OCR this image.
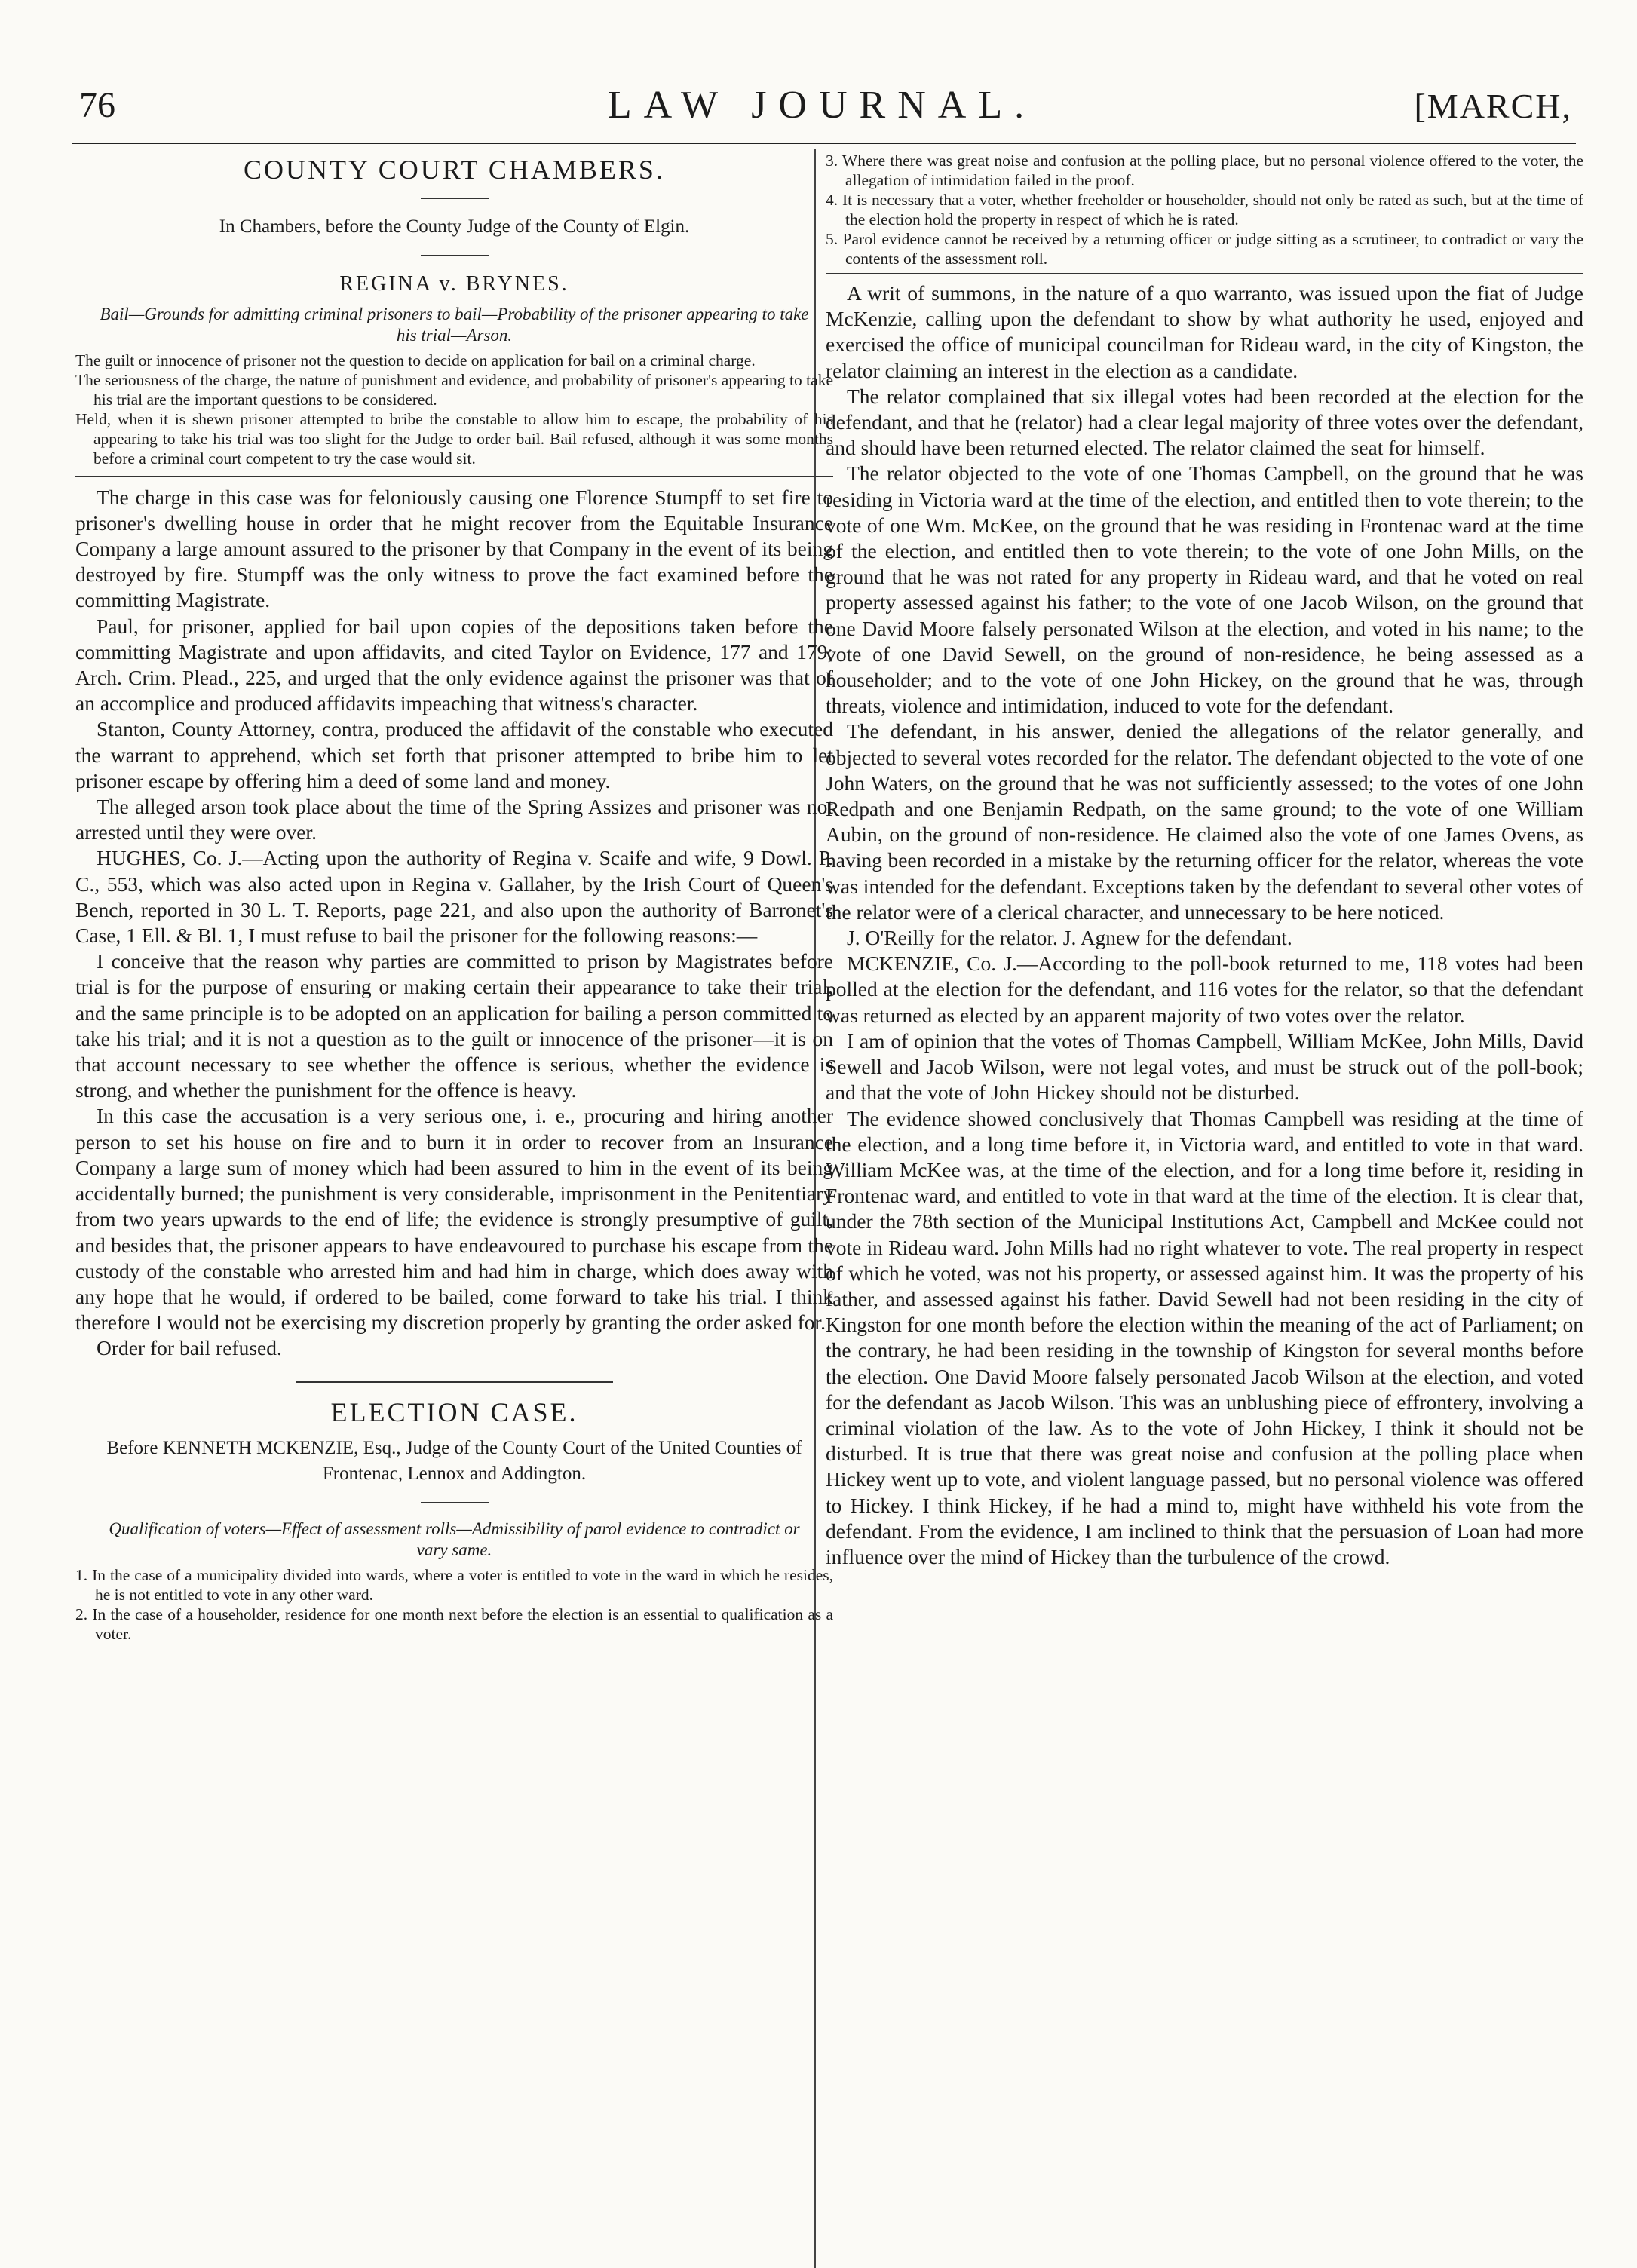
76	LAW JOURNAL.	[MARCH,
COUNTY COURT CHAMBERS.
In Chambers, before the County Judge of the County of Elgin.
REGINA v. BRYNES.
Bail—Grounds for admitting criminal prisoners to bail—Probability of the prisoner appearing to take his trial—Arson.

The guilt or innocence of prisoner not the question to decide on application for bail on a criminal charge.

The seriousness of the charge, the nature of punishment and evidence, and probability of prisoner's appearing to take his trial are the important questions to be considered.

Held, when it is shewn prisoner attempted to bribe the constable to allow him to escape, the probability of his appearing to take his trial was too slight for the Judge to order bail. Bail refused, although it was some months before a criminal court competent to try the case would sit.

The charge in this case was for feloniously causing one Florence Stumpff to set fire to prisoner's dwelling house in order that he might recover from the Equitable Insurance Company a large amount assured to the prisoner by that Company in the event of its being destroyed by fire. Stumpff was the only witness to prove the fact examined before the committing Magistrate.

Paul, for prisoner, applied for bail upon copies of the depositions taken before the committing Magistrate and upon affidavits, and cited Taylor on Evidence, 177 and 179; Arch. Crim. Plead., 225, and urged that the only evidence against the prisoner was that of an accomplice and produced affidavits impeaching that witness's character.

Stanton, County Attorney, contra, produced the affidavit of the constable who executed the warrant to apprehend, which set forth that prisoner attempted to bribe him to let prisoner escape by offering him a deed of some land and money.

The alleged arson took place about the time of the Spring Assizes and prisoner was not arrested until they were over.

HUGHES, Co. J.—Acting upon the authority of Regina v. Scaife and wife, 9 Dowl. P. C., 553, which was also acted upon in Regina v. Gallaher, by the Irish Court of Queen's Bench, reported in 30 L. T. Reports, page 221, and also upon the authority of Barronet's Case, 1 Ell. & Bl. 1, I must refuse to bail the prisoner for the following reasons:—

I conceive that the reason why parties are committed to prison by Magistrates before trial is for the purpose of ensuring or making certain their appearance to take their trial, and the same principle is to be adopted on an application for bailing a person committed to take his trial; and it is not a question as to the guilt or innocence of the prisoner—it is on that account necessary to see whether the offence is serious, whether the evidence is strong, and whether the punishment for the offence is heavy.

In this case the accusation is a very serious one, i. e., procuring and hiring another person to set his house on fire and to burn it in order to recover from an Insurance Company a large sum of money which had been assured to him in the event of its being accidentally burned; the punishment is very considerable, imprisonment in the Penitentiary from two years upwards to the end of life; the evidence is strongly presumptive of guilt, and besides that, the prisoner appears to have endeavoured to purchase his escape from the custody of the constable who arrested him and had him in charge, which does away with any hope that he would, if ordered to be bailed, come forward to take his trial. I think therefore I would not be exercising my discretion properly by granting the order asked for.

Order for bail refused.

ELECTION CASE.
Before KENNETH MCKENZIE, Esq., Judge of the County Court of the United Counties of Frontenac, Lennox and Addington.
Qualification of voters—Effect of assessment rolls—Admissibility of parol evidence to contradict or vary same.

1. In the case of a municipality divided into wards, where a voter is entitled to vote in the ward in which he resides, he is not entitled to vote in any other ward.

2. In the case of a householder, residence for one month next before the election is an essential to qualification as a voter.

3. Where there was great noise and confusion at the polling place, but no personal violence offered to the voter, the allegation of intimidation failed in the proof.

4. It is necessary that a voter, whether freeholder or householder, should not only be rated as such, but at the time of the election hold the property in respect of which he is rated.

5. Parol evidence cannot be received by a returning officer or judge sitting as a scrutineer, to contradict or vary the contents of the assessment roll.

A writ of summons, in the nature of a quo warranto, was issued upon the fiat of Judge McKenzie, calling upon the defendant to show by what authority he used, enjoyed and exercised the office of municipal councilman for Rideau ward, in the city of Kingston, the relator claiming an interest in the election as a candidate.

The relator complained that six illegal votes had been recorded at the election for the defendant, and that he (relator) had a clear legal majority of three votes over the defendant, and should have been returned elected. The relator claimed the seat for himself.

The relator objected to the vote of one Thomas Campbell, on the ground that he was residing in Victoria ward at the time of the election, and entitled then to vote therein; to the vote of one Wm. McKee, on the ground that he was residing in Frontenac ward at the time of the election, and entitled then to vote therein; to the vote of one John Mills, on the ground that he was not rated for any property in Rideau ward, and that he voted on real property assessed against his father; to the vote of one Jacob Wilson, on the ground that one David Moore falsely personated Wilson at the election, and voted in his name; to the vote of one David Sewell, on the ground of non-residence, he being assessed as a householder; and to the vote of one John Hickey, on the ground that he was, through threats, violence and intimidation, induced to vote for the defendant.

The defendant, in his answer, denied the allegations of the relator generally, and objected to several votes recorded for the relator. The defendant objected to the vote of one John Waters, on the ground that he was not sufficiently assessed; to the votes of one John Redpath and one Benjamin Redpath, on the same ground; to the vote of one William Aubin, on the ground of non-residence. He claimed also the vote of one James Ovens, as having been recorded in a mistake by the returning officer for the relator, whereas the vote was intended for the defendant. Exceptions taken by the defendant to several other votes of the relator were of a clerical character, and unnecessary to be here noticed.

J. O'Reilly for the relator. J. Agnew for the defendant.

MCKENZIE, Co. J.—According to the poll-book returned to me, 118 votes had been polled at the election for the defendant, and 116 votes for the relator, so that the defendant was returned as elected by an apparent majority of two votes over the relator.

I am of opinion that the votes of Thomas Campbell, William McKee, John Mills, David Sewell and Jacob Wilson, were not legal votes, and must be struck out of the poll-book; and that the vote of John Hickey should not be disturbed.

The evidence showed conclusively that Thomas Campbell was residing at the time of the election, and a long time before it, in Victoria ward, and entitled to vote in that ward. William McKee was, at the time of the election, and for a long time before it, residing in Frontenac ward, and entitled to vote in that ward at the time of the election. It is clear that, under the 78th section of the Municipal Institutions Act, Campbell and McKee could not vote in Rideau ward. John Mills had no right whatever to vote. The real property in respect of which he voted, was not his property, or assessed against him. It was the property of his father, and assessed against his father. David Sewell had not been residing in the city of Kingston for one month before the election within the meaning of the act of Parliament; on the contrary, he had been residing in the township of Kingston for several months before the election. One David Moore falsely personated Jacob Wilson at the election, and voted for the defendant as Jacob Wilson. This was an unblushing piece of effrontery, involving a criminal violation of the law. As to the vote of John Hickey, I think it should not be disturbed. It is true that there was great noise and confusion at the polling place when Hickey went up to vote, and violent language passed, but no personal violence was offered to Hickey. I think Hickey, if he had a mind to, might have withheld his vote from the defendant. From the evidence, I am inclined to think that the persuasion of Loan had more influence over the mind of Hickey than the turbulence of the crowd.
